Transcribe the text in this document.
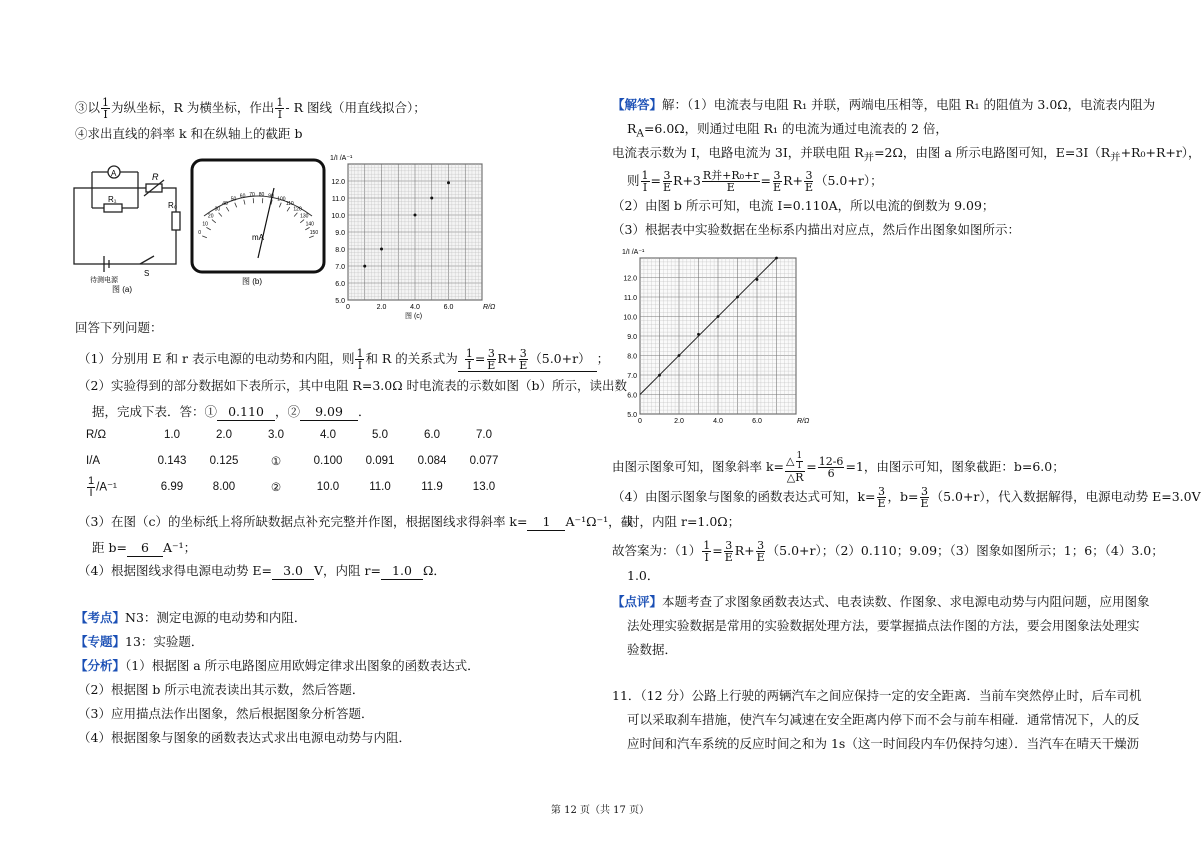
③以 $\frac{1}{I}$ 为纵坐标，R 为横坐标，作出 $\frac{1}{I}$ - R 图线（用直线拟合）；
④求出直线的斜率 k 和在纵轴上的截距 b
A
R₁
R
R₀
待测电源
S
图 (a)
0
10
20
30
40
50 60 70 80 90 100
110
120
130
140
150
mA
图 (b)
5.0
6.0
7.0
8.0
9.0
10.0
11.0
12.0
0	2.0	4.0	6.0
1/I /A⁻¹
R/Ω
图 (c)
回答下列问题：
（1）分别用 E 和 r 表示电源的电动势和内阻，则 $\frac{1}{I}$ 和 R 的关系式为 $\frac{1}{I} = \frac{3}{E} R+ \frac{3}{E} (5.0+r)$ ；
（2）实验得到的部分数据如下表所示，其中电阻 R=3.0Ω 时电流表的示数如图（b）所示，读出数
据，完成下表．答：① 0.110 ，② 9.09 ．
R/Ω	1.0	2.0	3.0	4.0	5.0	6.0	7.0
I/A	0.143	0.125	①	0.100	0.091	0.084	0.077

$\frac{1}{I} /A^{-1}$	6.99	8.00	②	10.0	11.0	11.9	13.0
（3）在图（c）的坐标纸上将所缺数据点补充完整并作图，根据图线求得斜率 k= 1 A⁻¹Ω⁻¹，截
距 b= 6 A⁻¹；
（4）根据图线求得电源电动势 E= 3.0 V，内阻 r= 1.0 Ω．
【考点】N3：测定电源的电动势和内阻．
【专题】13：实验题．
【分析】（1）根据图 a 所示电路图应用欧姆定律求出图象的函数表达式．
（2）根据图 b 所示电流表读出其示数，然后答题．
（3）应用描点法作出图象，然后根据图象分析答题．
（4）根据图象与图象的函数表达式求出电源电动势与内阻．
【解答】解：（1）电流表与电阻 R₁ 并联，两端电压相等，电阻 R₁ 的阻值为 3.0Ω，电流表内阻为
$R_A=6.0\Omega$，则通过电阻 R₁ 的电流为通过电流表的 2 倍，
电流表示数为 I，电路电流为 3I，并联电阻 $R_并=2\Omega$，由图 a 所示电路图可知，$E=3I(R_并+R_0+R+r)$，
则 $\frac{1}{I} = \frac{3}{E} R+3 \frac{\text{R并+R₀+r}}{E} = \frac{3}{E} R+ \frac{3}{E} (5.0+r)$；
（2）由图 b 所示可知，电流 I=0.110A，所以电流的倒数为 9.09；
（3）根据表中实验数据在坐标系内描出对应点，然后作出图象如图所示：
5.0
6.0
7.0
8.0
9.0
10.0
11.0
12.0
0	2.0	4.0	6.0
1/I /A⁻¹
R/Ω
由图示图象可知，图象斜率 $k= \frac{\triangle \frac{1}{I}}{\triangle R} = \frac{12-6}{6} =1$，由图示可知，图象截距：b=6.0；
（4）由图示图象与图象的函数表达式可知，$k= \frac{3}{E}$ ，$b= \frac{3}{E} (5.0+r)$，代入数据解得，电源电动势 E=3.0V
时，内阻 r=1.0Ω；
故答案为：$(1) \frac{1}{I} = \frac{3}{E} R+ \frac{3}{E} (5.0+r)$；（2）0.110；9.09；（3）图象如图所示；1；6；（4）3.0；
1.0．
【点评】本题考查了求图象函数表达式、电表读数、作图象、求电源电动势与内阻问题，应用图象
法处理实验数据是常用的实验数据处理方法，要掌握描点法作图的方法，要会用图象法处理实
验数据．
11．（12 分）公路上行驶的两辆汽车之间应保持一定的安全距离．当前车突然停止时，后车司机
可以采取刹车措施，使汽车匀减速在安全距离内停下而不会与前车相碰．通常情况下，人的反
应时间和汽车系统的反应时间之和为 1s（这一时间段内车仍保持匀速）．当汽车在晴天干燥沥
第 12 页（共 17 页）
